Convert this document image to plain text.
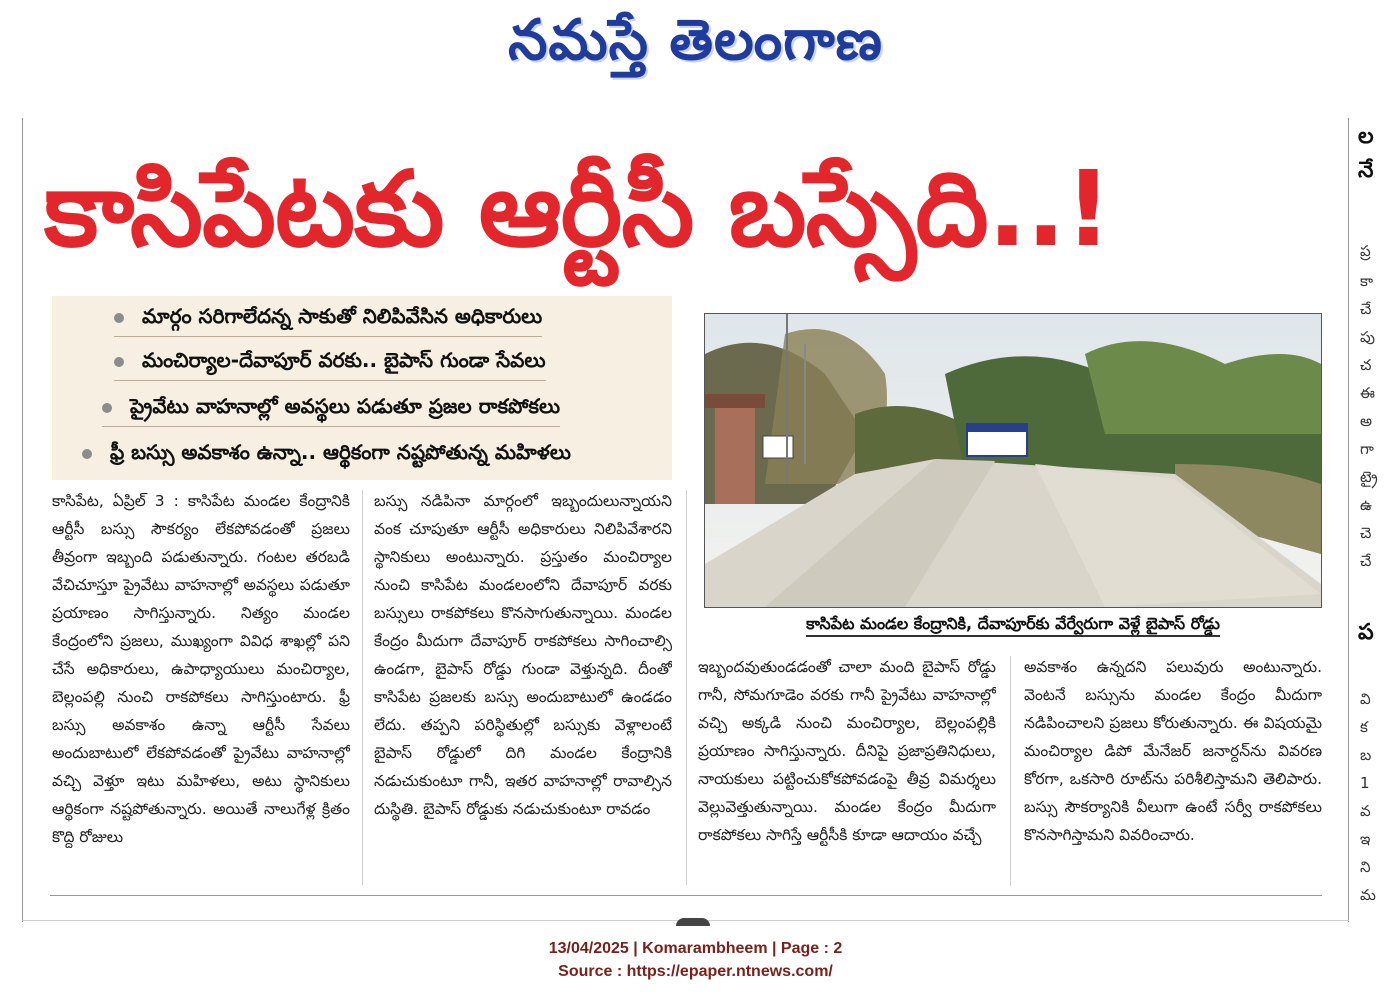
నమస్తే తెలంగాణ
కాసిపేటకు ఆర్టీసీ బస్సేది..!
మార్గం సరిగాలేదన్న సాకుతో నిలిపివేసిన అధికారులు
మంచిర్యాల-దేవాపూర్ వరకు.. బైపాస్ గుండా సేవలు
ప్రైవేటు వాహనాల్లో అవస్థలు పడుతూ ప్రజల రాకపోకలు
ఫ్రీ బస్సు అవకాశం ఉన్నా.. ఆర్థికంగా నష్టపోతున్న మహిళలు
కాసిపేట మండల కేంద్రానికి, దేవాపూర్‌కు వేర్వేరుగా వెళ్లే బైపాస్ రోడ్డు

కాసిపేట, ఏప్రిల్ 3 : కాసిపేట మండల కేంద్రానికి ఆర్టీసీ బస్సు సౌకర్యం లేకపోవడంతో ప్రజలు తీవ్రంగా ఇబ్బంది పడుతున్నారు. గంటల తరబడి వేచిచూస్తూ ప్రైవేటు వాహనాల్లో అవస్థలు పడుతూ ప్రయాణం సాగిస్తున్నారు. నిత్యం మండల కేంద్రంలోని ప్రజలు, ముఖ్యంగా వివిధ శాఖల్లో పని చేసే అధికారులు, ఉపాధ్యాయులు మంచిర్యాల, బెల్లంపల్లి నుంచి రాకపోకలు సాగిస్తుంటారు. ఫ్రీ బస్సు అవకాశం ఉన్నా ఆర్టీసీ సేవలు అందుబాటులో లేకపోవడంతో ప్రైవేటు వాహనాల్లో వచ్చి వెళ్తూ ఇటు మహిళలు, అటు స్థానికులు ఆర్థికంగా నష్టపోతున్నారు. అయితే నాలుగేళ్ల క్రితం కొద్ది రోజులు

బస్సు నడిపినా మార్గంలో ఇబ్బందులున్నాయని వంక చూపుతూ ఆర్టీసీ అధికారులు నిలిపివేశారని స్థానికులు అంటున్నారు. ప్రస్తుతం మంచిర్యాల నుంచి కాసిపేట మండలంలోని దేవాపూర్ వరకు బస్సులు రాకపోకలు కొనసాగుతున్నాయి. మండల కేంద్రం మీదుగా దేవాపూర్ రాకపోకలు సాగించాల్సి ఉండగా, బైపాస్ రోడ్డు గుండా వెళ్తున్నది. దీంతో కాసిపేట ప్రజలకు బస్సు అందుబాటులో ఉండడం లేదు. తప్పని పరిస్థితుల్లో బస్సుకు వెళ్లాలంటే బైపాస్ రోడ్డులో దిగి మండల కేంద్రానికి నడుచుకుంటూ గానీ, ఇతర వాహనాల్లో రావాల్సిన దుస్థితి. బైపాస్ రోడ్డుకు నడుచుకుంటూ రావడం

ఇబ్బందవుతుండడంతో చాలా మంది బైపాస్ రోడ్డు గానీ, సోమగూడెం వరకు గానీ ప్రైవేటు వాహనాల్లో వచ్చి అక్కడి నుంచి మంచిర్యాల, బెల్లంపల్లికి ప్రయాణం సాగిస్తున్నారు. దీనిపై ప్రజాప్రతినిధులు, నాయకులు పట్టించుకోకపోవడంపై తీవ్ర విమర్శలు వెల్లువెత్తుతున్నాయి. మండల కేంద్రం మీదుగా రాకపోకలు సాగిస్తే ఆర్టీసీకి కూడా ఆదాయం వచ్చే

అవకాశం ఉన్నదని పలువురు అంటున్నారు. వెంటనే బస్సును మండల కేంద్రం మీదుగా నడిపించాలని ప్రజలు కోరుతున్నారు. ఈ విషయమై మంచిర్యాల డిపో మేనేజర్ జనార్దన్‌ను వివరణ కోరగా, ఒకసారి రూట్‌ను పరిశీలిస్తామని తెలిపారు. బస్సు సౌకర్యానికి వీలుగా ఉంటే సర్వీ రాకపోకలు కొనసాగిస్తామని వివరించారు.

ల
నే
ప్ర
కా
చే
పు
చ
ఈ
అ
గా
ట్రై
ఉ
చె
చే
ప
వి
క
బ
1
వ
ఇ
ని
మ
13/04/2025 | Komarambheem | Page : 2
Source : https://epaper.ntnews.com/
